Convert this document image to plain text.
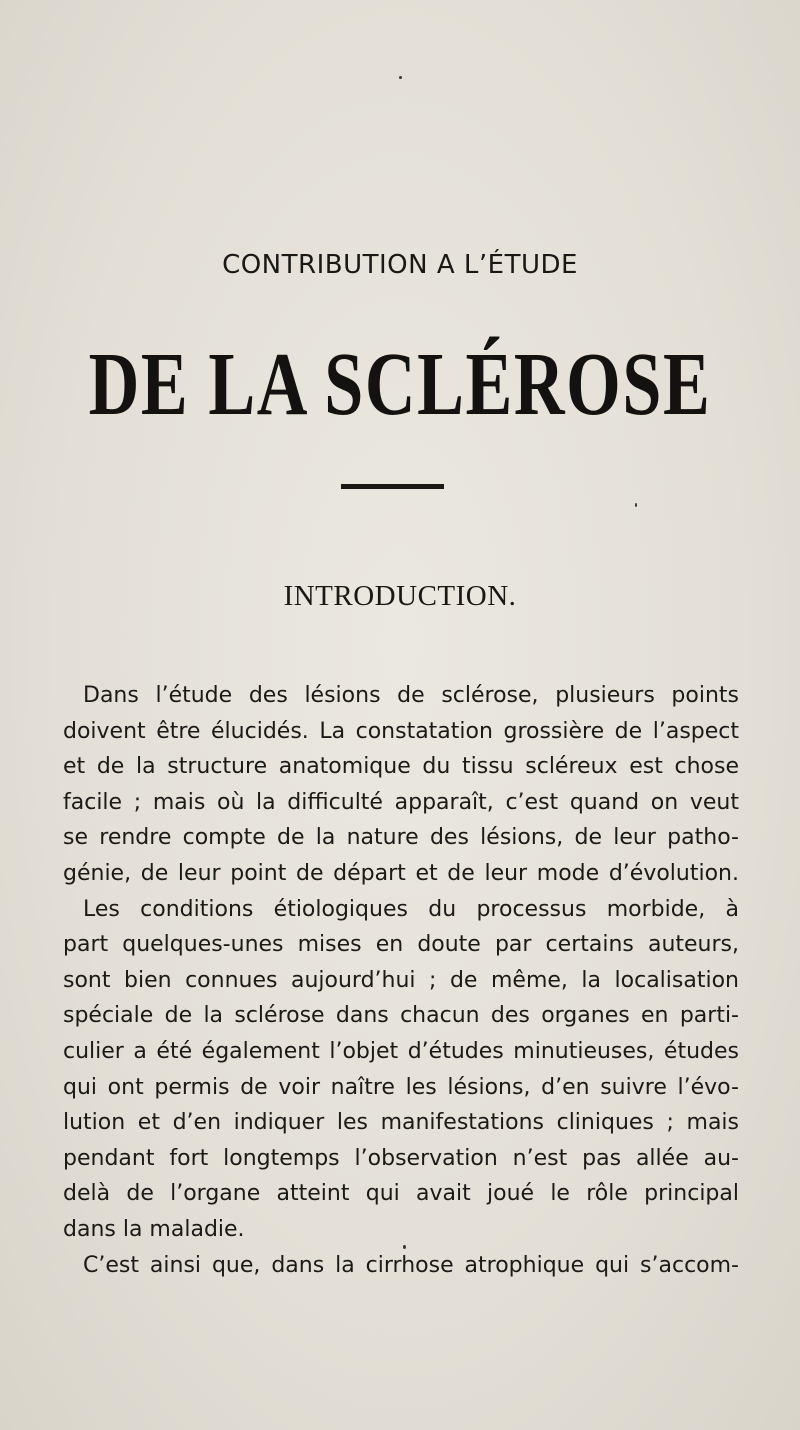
CONTRIBUTION A L’ÉTUDE
DE LA SCLÉROSE
INTRODUCTION.
Dans l’étude des lésions de sclérose, plusieurs points
doivent être élucidés. La constatation grossière de l’aspect
et de la structure anatomique du tissu scléreux est chose
facile ; mais où la difficulté apparaît, c’est quand on veut
se rendre compte de la nature des lésions, de leur patho-
génie, de leur point de départ et de leur mode d’évolution.
Les conditions étiologiques du processus morbide, à
part quelques-unes mises en doute par certains auteurs,
sont bien connues aujourd’hui ; de même, la localisation
spéciale de la sclérose dans chacun des organes en parti-
culier a été également l’objet d’études minutieuses, études
qui ont permis de voir naître les lésions, d’en suivre l’évo-
lution et d’en indiquer les manifestations cliniques ; mais
pendant fort longtemps l’observation n’est pas allée au-
delà de l’organe atteint qui avait joué le rôle principal
dans la maladie.
C’est ainsi que, dans la cirrhose atrophique qui s’accom-
